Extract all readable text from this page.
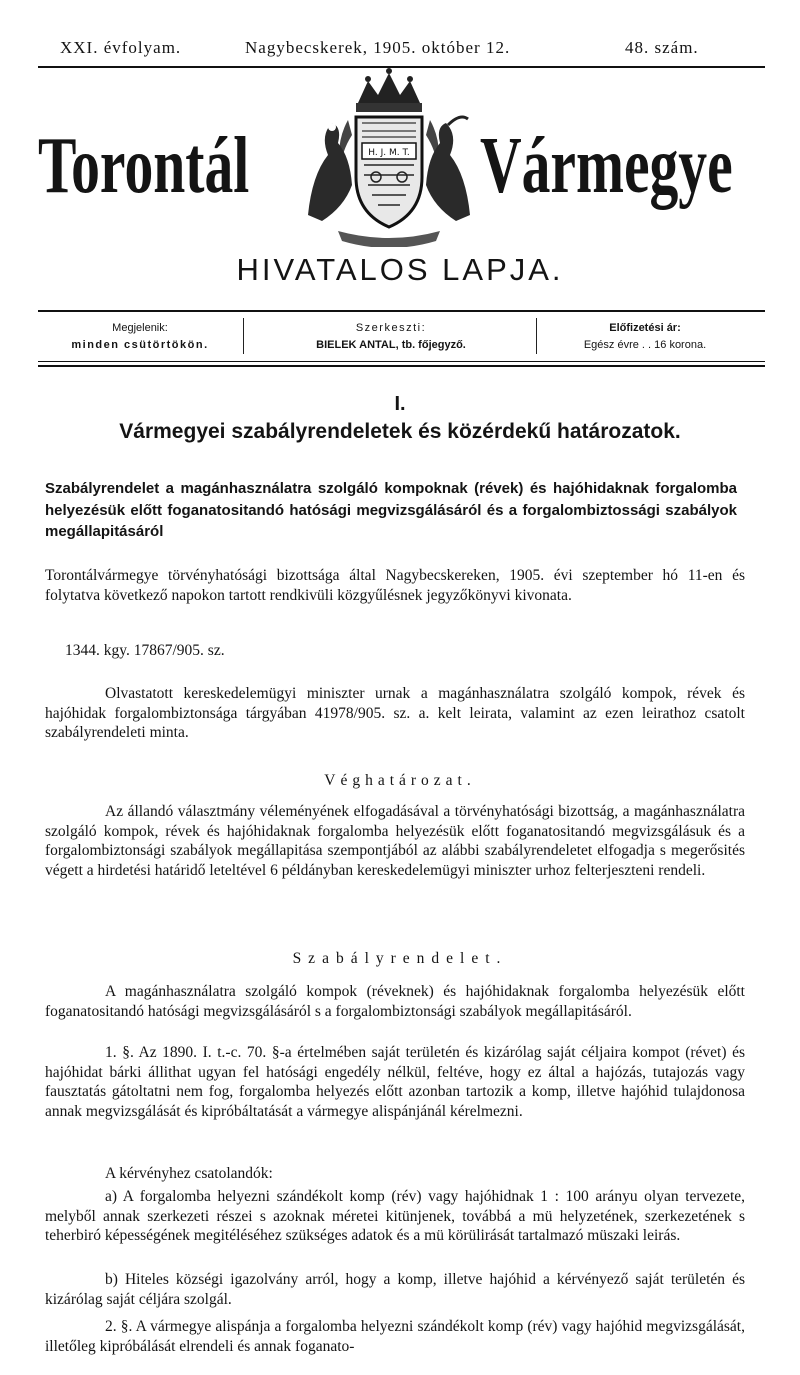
XXI. évfolyam.	Nagybecskerek, 1905. október 12.	48. szám.
Torontál	Vármegye
H. J. M. T.
HIVATALOS LAPJA.
Megjelenik:
minden csütörtökön.
Szerkeszti:
BIELEK ANTAL, tb. főjegyző.
Előfizetési ár:
Egész évre . . 16 korona.
I.
Vármegyei szabályrendeletek és közérdekű határozatok.
Szabályrendelet a magánhasználatra szolgáló kompoknak (révek) és hajóhidaknak forgalomba helyezésük előtt foganatositandó hatósági megvizsgálásáról és a forgalombiztossági szabályok megállapitásáról
Torontálvármegye törvényhatósági bizottsága által Nagybecskereken, 1905. évi szeptember hó 11-en és folytatva következő napokon tartott rendkivüli közgyűlésnek jegyzőkönyvi kivonata.
1344. kgy. 17867/905. sz.
Olvastatott kereskedelemügyi miniszter urnak a magánhasználatra szolgáló kompok, révek és hajóhidak forgalombiztonsága tárgyában 41978/905. sz. a. kelt leirata, valamint az ezen leirathoz csatolt szabályrendeleti minta.
Véghatározat.
Az állandó választmány véleményének elfogadásával a törvényhatósági bizottság, a magánhasználatra szolgáló kompok, révek és hajóhidaknak forgalomba helyezésük előtt foganatositandó megvizsgálásuk és a forgalombiztonsági szabályok megállapitása szempontjából az alábbi szabályrendeletet elfogadja s megerősités végett a hirdetési határidő leteltével 6 példányban kereskedelemügyi miniszter urhoz felterjeszteni rendeli.
Szabályrendelet.
A magánhasználatra szolgáló kompok (réveknek) és hajóhidaknak forgalomba helyezésük előtt foganatositandó hatósági megvizsgálásáról s a forgalombiztonsági szabályok megállapitásáról.
1. §. Az 1890. I. t.-c. 70. §-a értelmében saját területén és kizárólag saját céljaira kompot (révet) és hajóhidat bárki állithat ugyan fel hatósági engedély nélkül, feltéve, hogy ez által a hajózás, tutajozás vagy fausztatás gátoltatni nem fog, forgalomba helyezés előtt azonban tartozik a komp, illetve hajóhid tulajdonosa annak megvizsgálását és kipróbáltatását a vármegye alispánjánál kérelmezni.
A kérvényhez csatolandók:
a) A forgalomba helyezni szándékolt komp (rév) vagy hajóhidnak 1 : 100 arányu olyan tervezete, melyből annak szerkezeti részei s azoknak méretei kitünjenek, továbbá a mü helyzetének, szerkezetének s teherbiró képességének megitéléséhez szükséges adatok és a mü körülirását tartalmazó müszaki leirás.
b) Hiteles községi igazolvány arról, hogy a komp, illetve hajóhid a kérvényező saját területén és kizárólag saját céljára szolgál.
2. §. A vármegye alispánja a forgalomba helyezni szándékolt komp (rév) vagy hajóhid megvizsgálását, illetőleg kipróbálását elrendeli és annak foganato-
